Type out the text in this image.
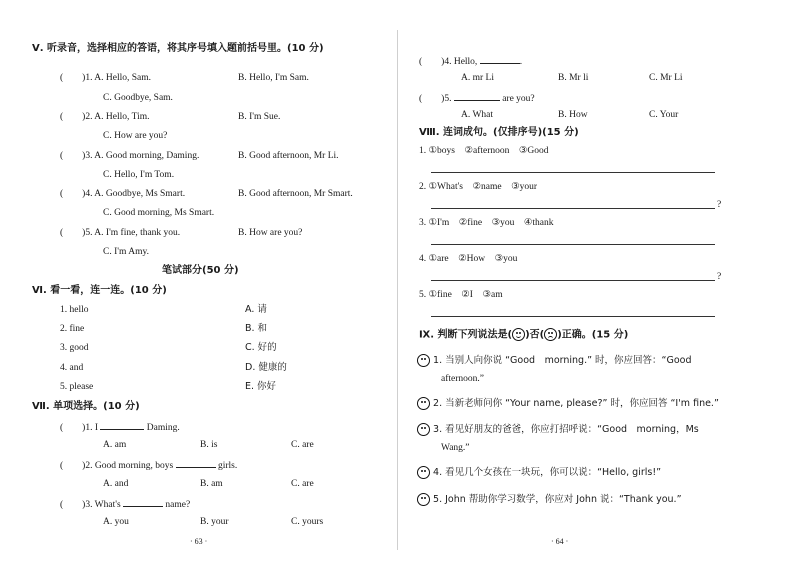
Ⅴ. 听录音，选择相应的答语，将其序号填入题前括号里。(10 分)
(　　)1. A. Hello, Sam.	B. Hello, I'm Sam.
C. Goodbye, Sam.
(　　)2. A. Hello, Tim.	B. I'm Sue.
C. How are you?
(　　)3. A. Good morning, Daming.	B. Good afternoon, Mr Li.
C. Hello, I'm Tom.
(　　)4. A. Goodbye, Ms Smart.	B. Good afternoon, Mr Smart.
C. Good morning, Ms Smart.
(　　)5. A. I'm fine, thank you.	B. How are you?
C. I'm Amy.
笔试部分(50 分)
Ⅵ. 看一看，连一连。(10 分)
1. hello	A. 请
2. fine	B. 和
3. good	C. 好的
4. and	D. 健康的
5. please	E. 你好
Ⅶ. 单项选择。(10 分)
(　　)1. I	Daming.
A. am	B. is	C. are
(　　)2. Good morning, boys	girls.
A. and	B. am	C. are
(　　)3. What's	name?
A. you	B. your	C. yours
· 63 ·
(　　)4. Hello,	.
A. mr Li	B. Mr li	C. Mr Li
(　　)5.	are you?
A. What	B. How	C. Your
Ⅷ. 连词成句。(仅排序号)(15 分)
1. ①boys　②afternoon　③Good
2. ①What's　②name　③your
?
3. ①I'm　②fine　③you　④thank
4. ①are　②How　③you
?
5. ①fine　②I　③am
Ⅸ. 判断下列说法是( )否( )正确。(15 分)
1. 当别人向你说 “Good　morning.” 时，你应回答：“Good
afternoon.”
2. 当新老师问你 “Your name, please?” 时，你应回答 “I'm fine.”
3. 看见好朋友的爸爸，你应打招呼说：“Good　morning，Ms
Wang.”
4. 看见几个女孩在一块玩，你可以说：“Hello, girls!”
5. John 帮助你学习数学，你应对 John 说：“Thank you.”
· 64 ·
